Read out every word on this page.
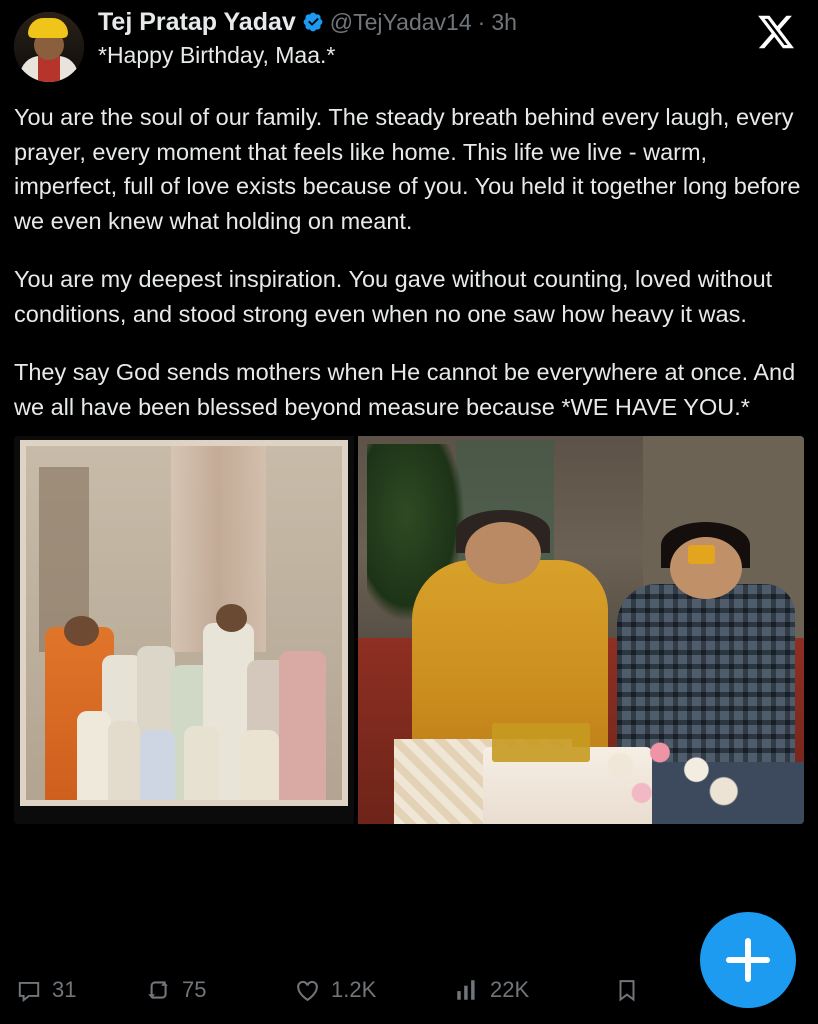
Tej Pratap Yadav @TejYadav14 · 3h
*Happy Birthday, Maa.*

You are the soul of our family. The steady breath behind every laugh, every prayer, every moment that feels like home. This life we live - warm, imperfect, full of love exists because of you. You held it together long before we even knew what holding on meant.

You are my deepest inspiration. You gave without counting, loved without conditions, and stood strong even when no one saw how heavy it was.

They say God sends mothers when He cannot be everywhere at once. And we all have been blessed beyond measure because *WE HAVE YOU.*

31	75	1.2K	22K
